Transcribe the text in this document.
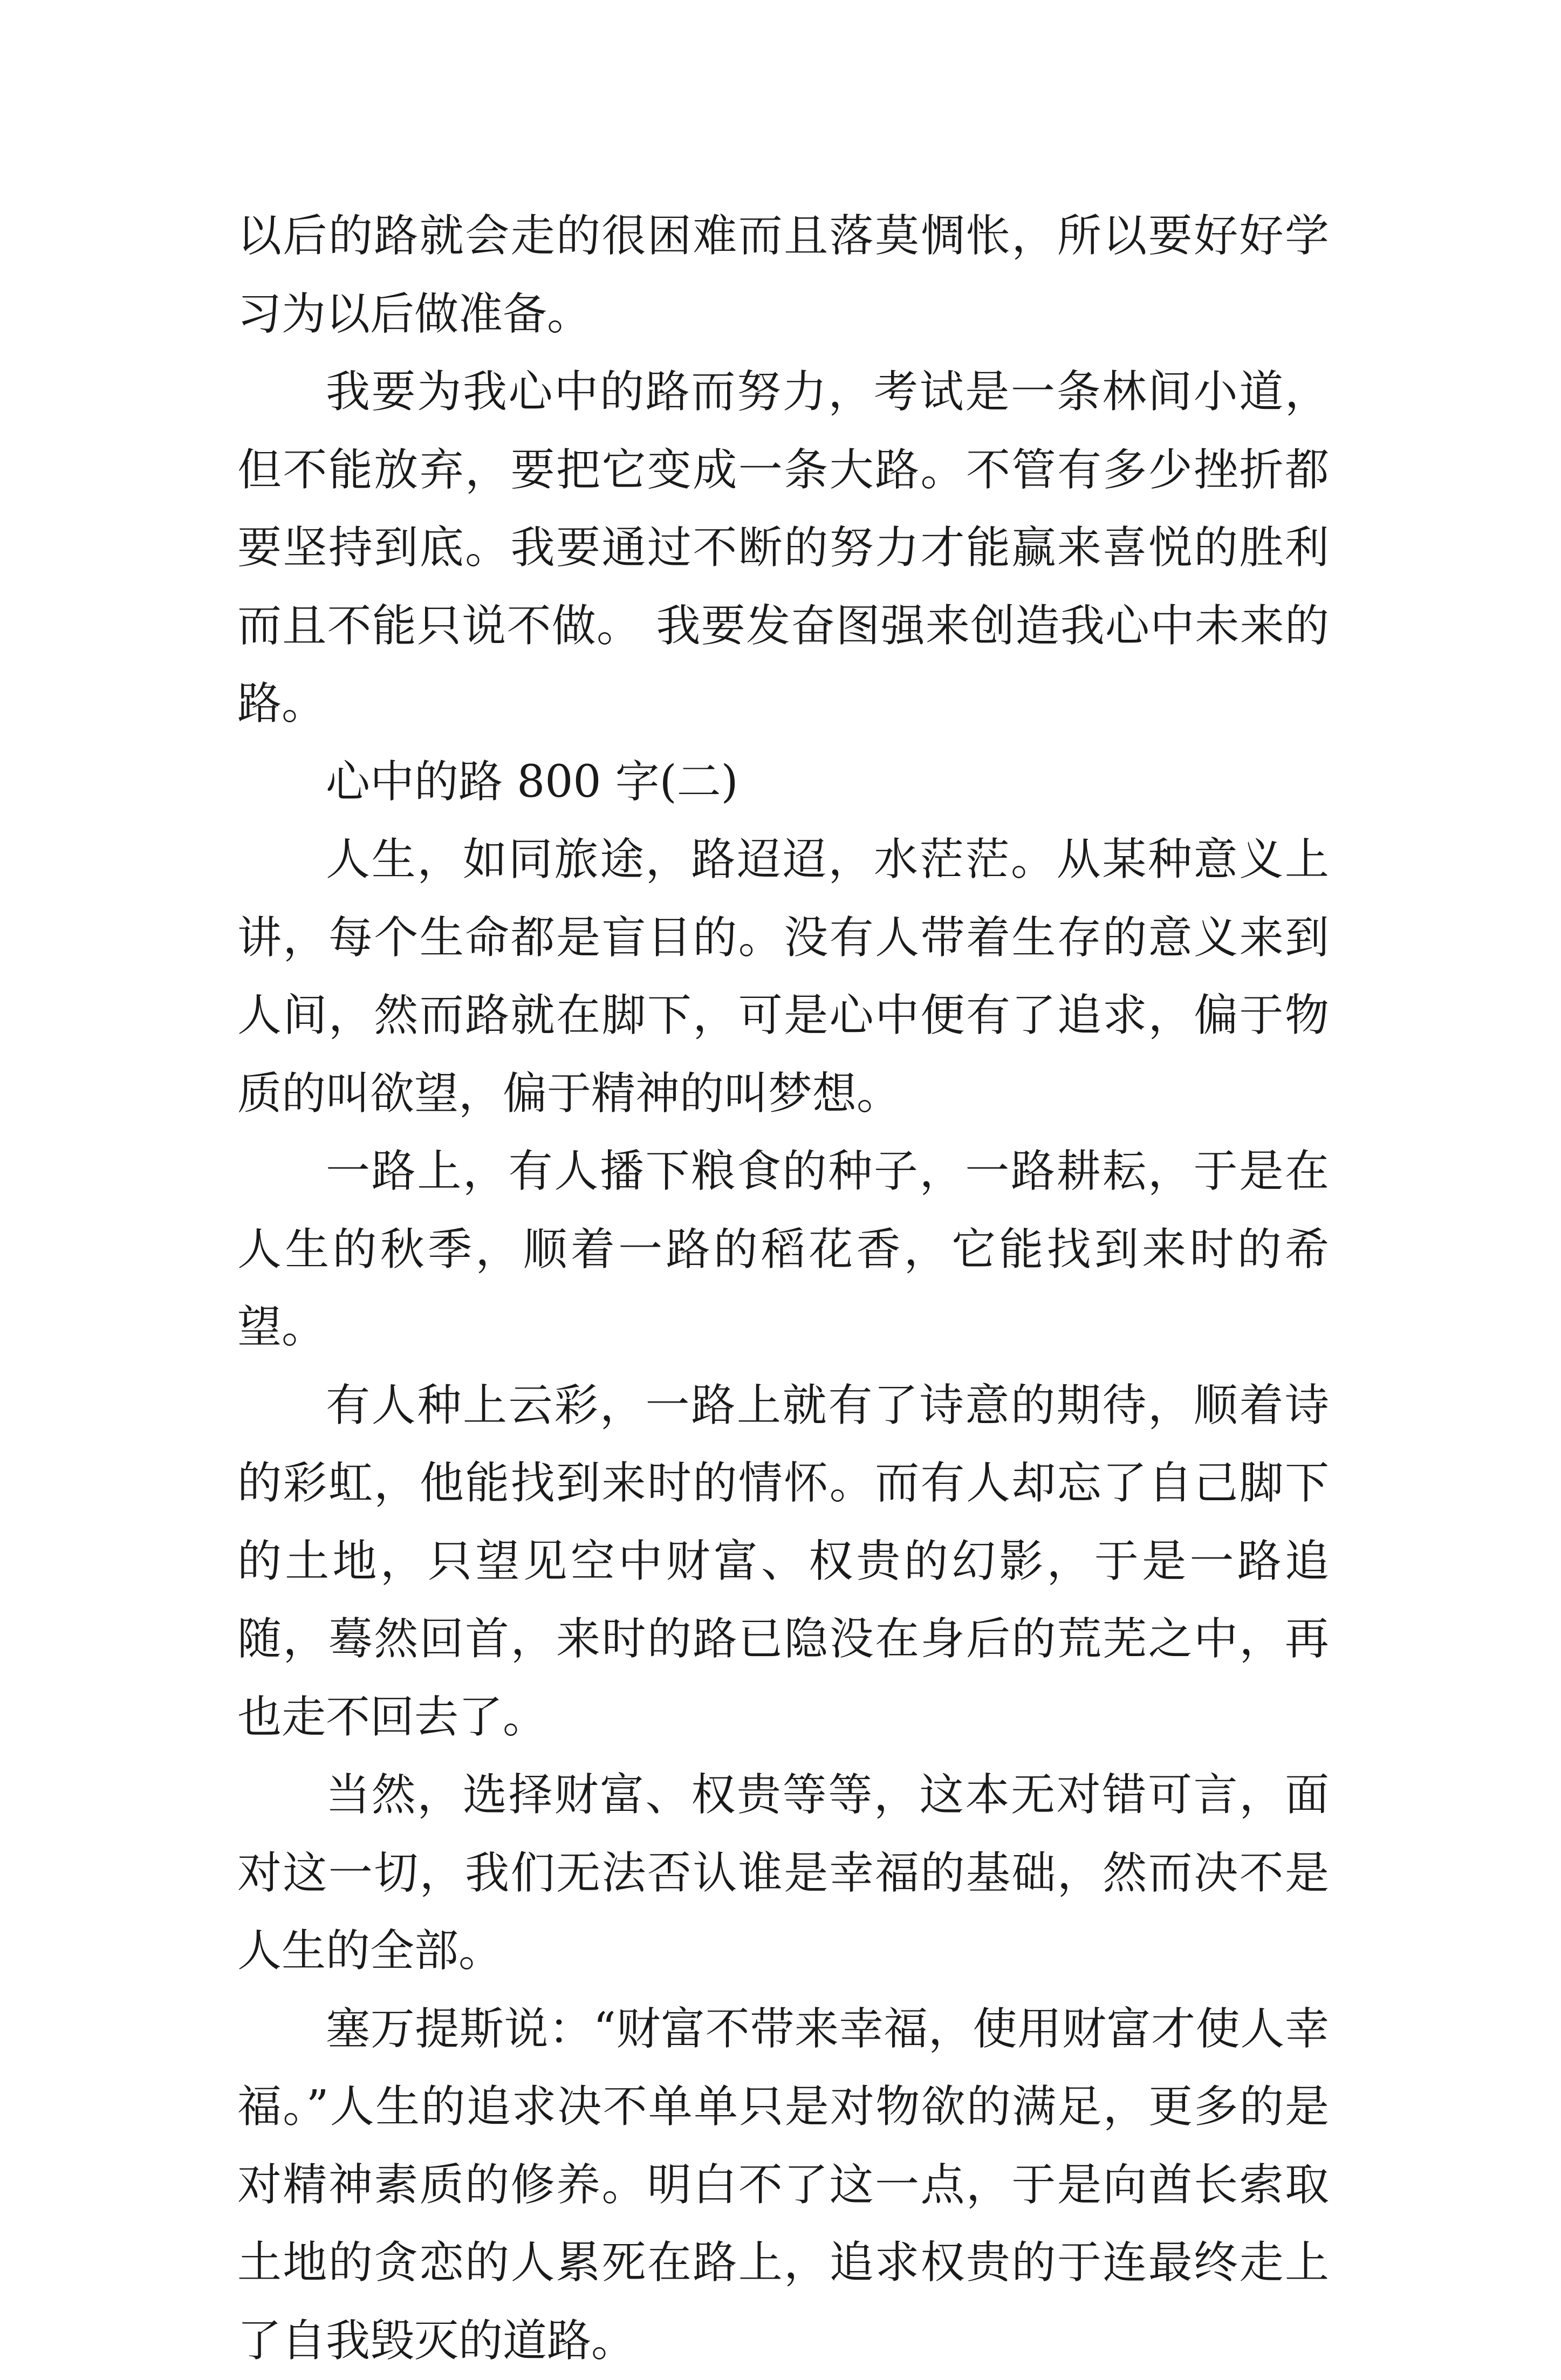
以后的路就会走的很困难而且落莫惆怅，所以要好好学习为以后做准备。

我要为我心中的路而努力，考试是一条林间小道，但不能放弃，要把它变成一条大路。不管有多少挫折都要坚持到底。我要通过不断的努力才能赢来喜悦的胜利而且不能只说不做。 我要发奋图强来创造我心中未来的路。

心中的路 800 字(二)

人生，如同旅途，路迢迢，水茫茫。从某种意义上讲，每个生命都是盲目的。没有人带着生存的意义来到人间，然而路就在脚下，可是心中便有了追求，偏于物质的叫欲望，偏于精神的叫梦想。

一路上，有人播下粮食的种子，一路耕耘，于是在人生的秋季，顺着一路的稻花香，它能找到来时的希望。

有人种上云彩，一路上就有了诗意的期待，顺着诗的彩虹，他能找到来时的情怀。而有人却忘了自己脚下的土地，只望见空中财富、权贵的幻影，于是一路追随，蓦然回首，来时的路已隐没在身后的荒芜之中，再也走不回去了。

当然，选择财富、权贵等等，这本无对错可言，面对这一切，我们无法否认谁是幸福的基础，然而决不是人生的全部。

塞万提斯说：“财富不带来幸福，使用财富才使人幸福。”人生的追求决不单单只是对物欲的满足，更多的是对精神素质的修养。明白不了这一点，于是向酋长索取土地的贪恋的人累死在路上，追求权贵的于连最终走上了自我毁灭的道路。
